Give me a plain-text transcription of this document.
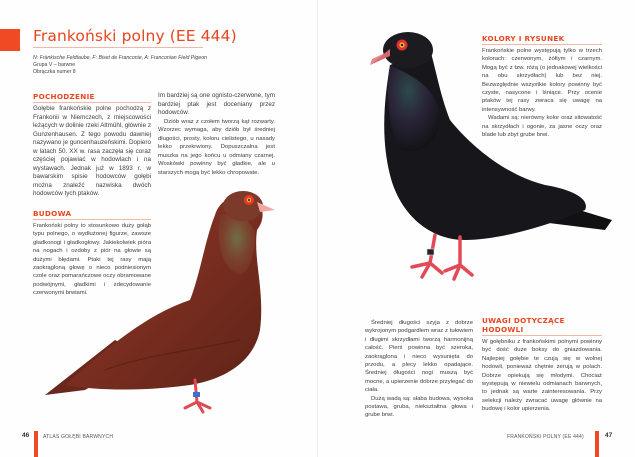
Frankoński polny (EE 444)
N: Fränkische Feldtaube, F: Biset de Franconie, A: Franconian Field Pigeon
Grupa V – barwne
Obrączka numer 8
POCHODZENIE

Gołębie frankońskie polne pochodzą z Frankonii w Niemczech, z miejscowości leżących w dolinie rzeki Altmühl, głównie z Gunzenhausen. Z tego powodu dawniej nazywano je guncenhauzeńskimi. Dopiero w latach 50. XX w. rasa zaczęła się coraz częściej pojawiać w hodowlach i na wystawach. Jednak już w 1893 r. w bawarskim spisie hodowców gołębi można znaleźć nazwiska dwóch hodowców tych ptaków.

Im bardziej są one ognisto-czerwone, tym bardziej ptak jest doceniany przez hodowców.

Dziób wraz z czołem tworzą kąt rozwarty. Wzorzec wymaga, aby dziób był średniej długości, prosty, koloru cielistego, u nasady lekko przekrwiony. Dopuszczalna jest muszka na jego końcu u odmiany czarnej. Woskówki powinny być gładkie, ale u starszych mogą być lekko chropowate.

BUDOWA

Frankoński polny to stosunkowo duży gołąb typu polnego, o wydłużonej figurze, zawsze gładkonogi i gładkogłowy. Jakiekolwiek pióra na nogach i ozdoby z piór na głowie są dużymi błędami. Ptaki tej rasy mają zaokrągloną głowę o nieco podniesionym czole oraz pomarańczowe oczy obramowane podwójnymi, gładkimi i zdecydowanie czerwonymi brwiami.

46	ATLAS GOŁĘBI BARWNYCH
KOLORY I RYSUNEK

Frankońskie polne występują tylko w trzech kolorach: czerwonym, żółtym i czarnym. Mogą być z tzw. różą (o jednakowej wielkości na obu skrzydłach) lub bez niej. Bezwzględnie wszystkie kolory powinny być czyste, nasycone i lśniące. Przy ocenie ptaków tej rasy zwraca się uwagę na intensywność barwy.

Wadami są: nierówny kolor oraz sitowatość na skrzydłach i ogonie, za jasne oczy oraz blade lub zbyt grube brwi.

Średniej długości szyja z dobrze wykrojonym podgardlem wraz z tułowiem i długimi skrzydłami tworzą harmonijną całość. Pierś powinna być szeroka, zaokrąglona i nieco wysunięta do przodu, a plecy lekko opadające. Średniej długości nogi muszą być mocne, a upierzenie dobrze przylegać do ciała.

Dużą wadą są: słaba budowa, wysoka postawa, gruba, niekształtna głowa i grube brwi.

UWAGI DOTYCZĄCE HODOWLI

W gołębniku z frankońskimi polnymi powinny być dość duże boksy do gniazdowania. Najlepiej gołębie te czują się w wolnej hodowli, ponieważ chętnie żerują w polach. Dobrze opiekują się młodymi. Chociaż występują w niewielu odmianach barwnych, to jednak są warte zainteresowania. Przy selekcji należy zwracać uwagę głównie na budowę i kolor upierzenia.

FRANKOŃSKI POLNY (EE 444)	47
